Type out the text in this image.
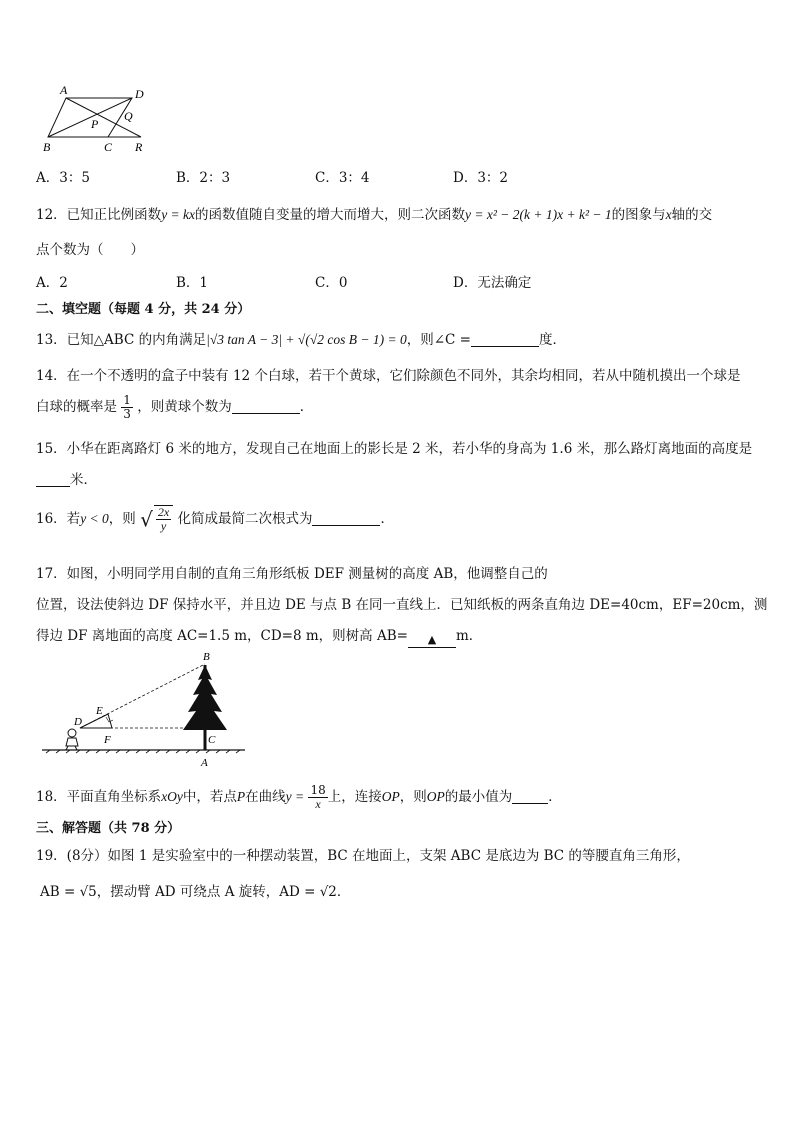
A	D
P
Q
B	C R
A．3：5	B．2：3	C．3：4	D．3：2
12．已知正比例函数y = kx的函数值随自变量的增大而增大，则二次函数y = x² − 2(k + 1)x + k² − 1的图象与x轴的交
点个数为（　　）
A．2	B．1	C．0	D．无法确定
二、填空题（每题 4 分，共 24 分）
13．已知△ABC 的内角满足|√3 tan A − 3| + √(√2 cos B − 1) = 0，则∠C =	度．
14．在一个不透明的盒子中装有 12 个白球，若干个黄球，它们除颜色不同外，其余均相同，若从中随机摸出一个球是
白球的概率是 $\frac{1}{3}$ ，则黄球个数为	．
15．小华在距离路灯 6 米的地方，发现自己在地面上的影长是 2 米，若小华的身高为 1.6 米，那么路灯离地面的高度是
米．
16．若y < 0，则 √ $\frac{2x}{y}$ 化简成最简二次根式为	．
17．如图，小明同学用自制的直角三角形纸板 DEF 测量树的高度 AB，他调整自己的
位置，设法使斜边 DF 保持水平，并且边 DE 与点 B 在同一直线上．已知纸板的两条直角边 DE=40cm，EF=20cm，测
得边 DF 离地面的高度 AC=1.5 m，CD=8 m，则树高 AB= ▲ m．
B
D
E
F	C
A
18．平面直角坐标系xOy中，若点P在曲线$y = \frac{18}{x}$ 上，连接OP，则OP的最小值为	．
三、解答题（共 78 分）
19．(8分）如图 1 是实验室中的一种摆动装置，BC 在地面上，支架 ABC 是底边为 BC 的等腰直角三角形，
AB = √5，摆动臂 AD 可绕点 A 旋转，AD = √2．
